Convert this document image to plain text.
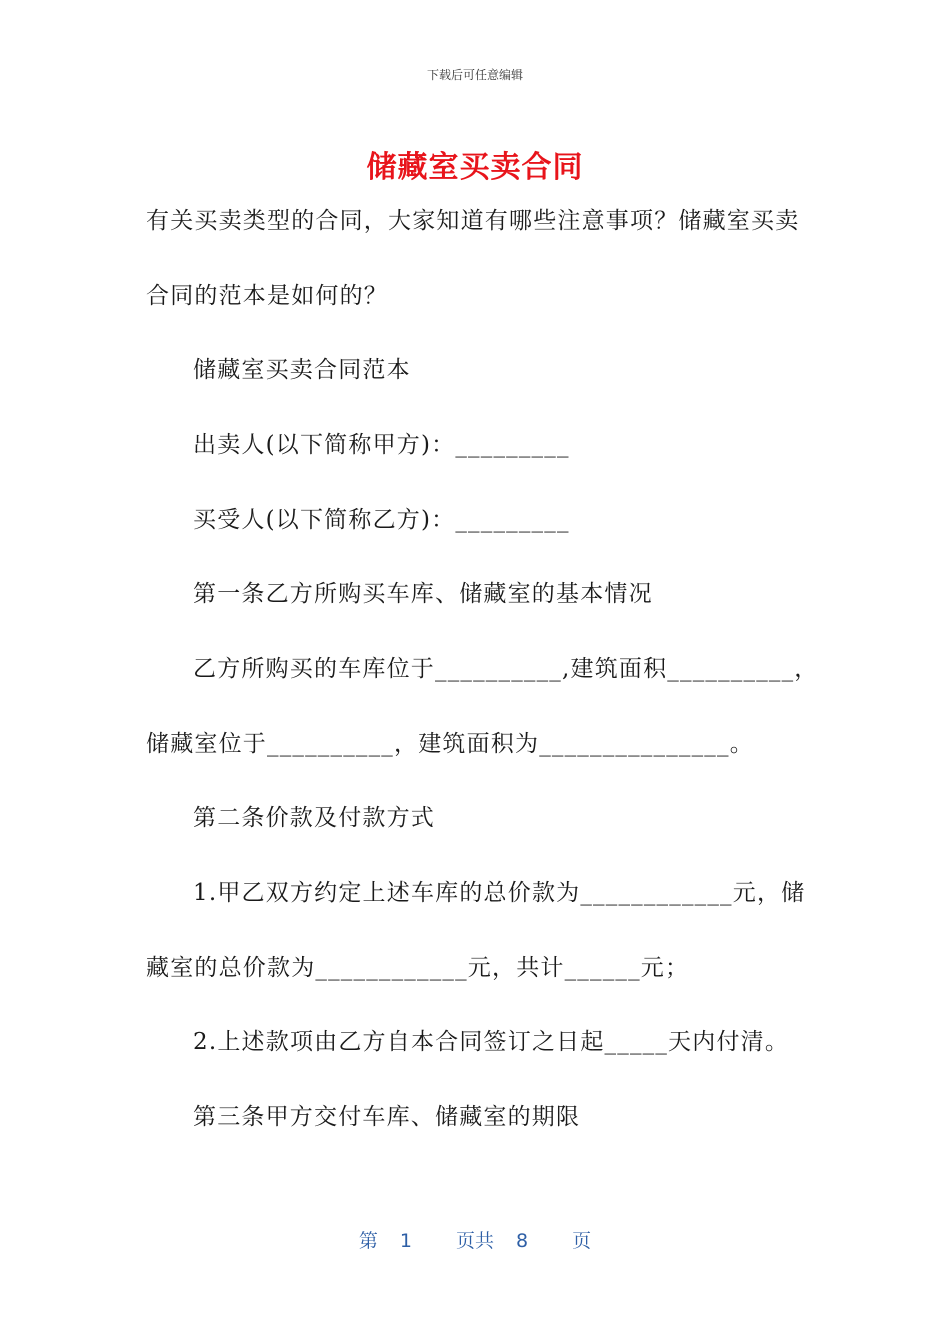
下载后可任意编辑
储藏室买卖合同
有关买卖类型的合同，大家知道有哪些注意事项？储藏室买卖
合同的范本是如何的？
储藏室买卖合同范本
出卖人(以下简称甲方)：_________
买受人(以下简称乙方)：_________
第一条乙方所购买车库、储藏室的基本情况
乙方所购买的车库位于__________,建筑面积__________，
储藏室位于__________，建筑面积为_______________。
第二条价款及付款方式
1.甲乙双方约定上述车库的总价款为____________元，储
藏室的总价款为____________元，共计______元；
2.上述款项由乙方自本合同签订之日起_____天内付清。
第三条甲方交付车库、储藏室的期限
第 1 页共 8 页
